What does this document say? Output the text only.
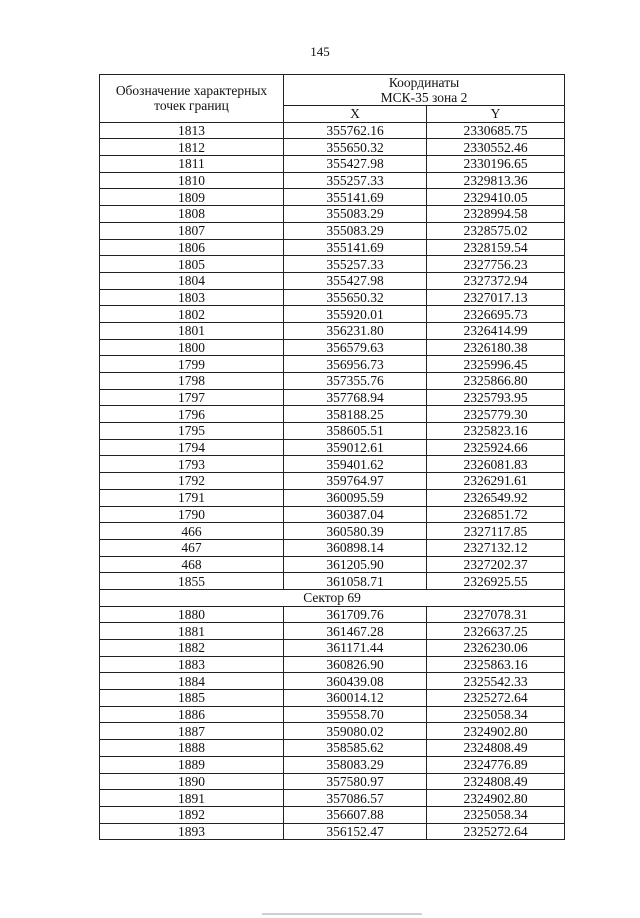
145
Обозначение характерных точек границ	Координаты
МСК-35 зона 2	
	X	Y
1813	355762.16	2330685.75
1812	355650.32	2330552.46
1811	355427.98	2330196.65
1810	355257.33	2329813.36
1809	355141.69	2329410.05
1808	355083.29	2328994.58
1807	355083.29	2328575.02
1806	355141.69	2328159.54
1805	355257.33	2327756.23
1804	355427.98	2327372.94
1803	355650.32	2327017.13
1802	355920.01	2326695.73
1801	356231.80	2326414.99
1800	356579.63	2326180.38
1799	356956.73	2325996.45
1798	357355.76	2325866.80
1797	357768.94	2325793.95
1796	358188.25	2325779.30
1795	358605.51	2325823.16
1794	359012.61	2325924.66
1793	359401.62	2326081.83
1792	359764.97	2326291.61
1791	360095.59	2326549.92
1790	360387.04	2326851.72
466	360580.39	2327117.85
467	360898.14	2327132.12
468	361205.90	2327202.37
1855	361058.71	2326925.55
Сектор 69		
1880	361709.76	2327078.31
1881	361467.28	2326637.25
1882	361171.44	2326230.06
1883	360826.90	2325863.16
1884	360439.08	2325542.33
1885	360014.12	2325272.64
1886	359558.70	2325058.34
1887	359080.02	2324902.80
1888	358585.62	2324808.49
1889	358083.29	2324776.89
1890	357580.97	2324808.49
1891	357086.57	2324902.80
1892	356607.88	2325058.34
1893	356152.47	2325272.64
